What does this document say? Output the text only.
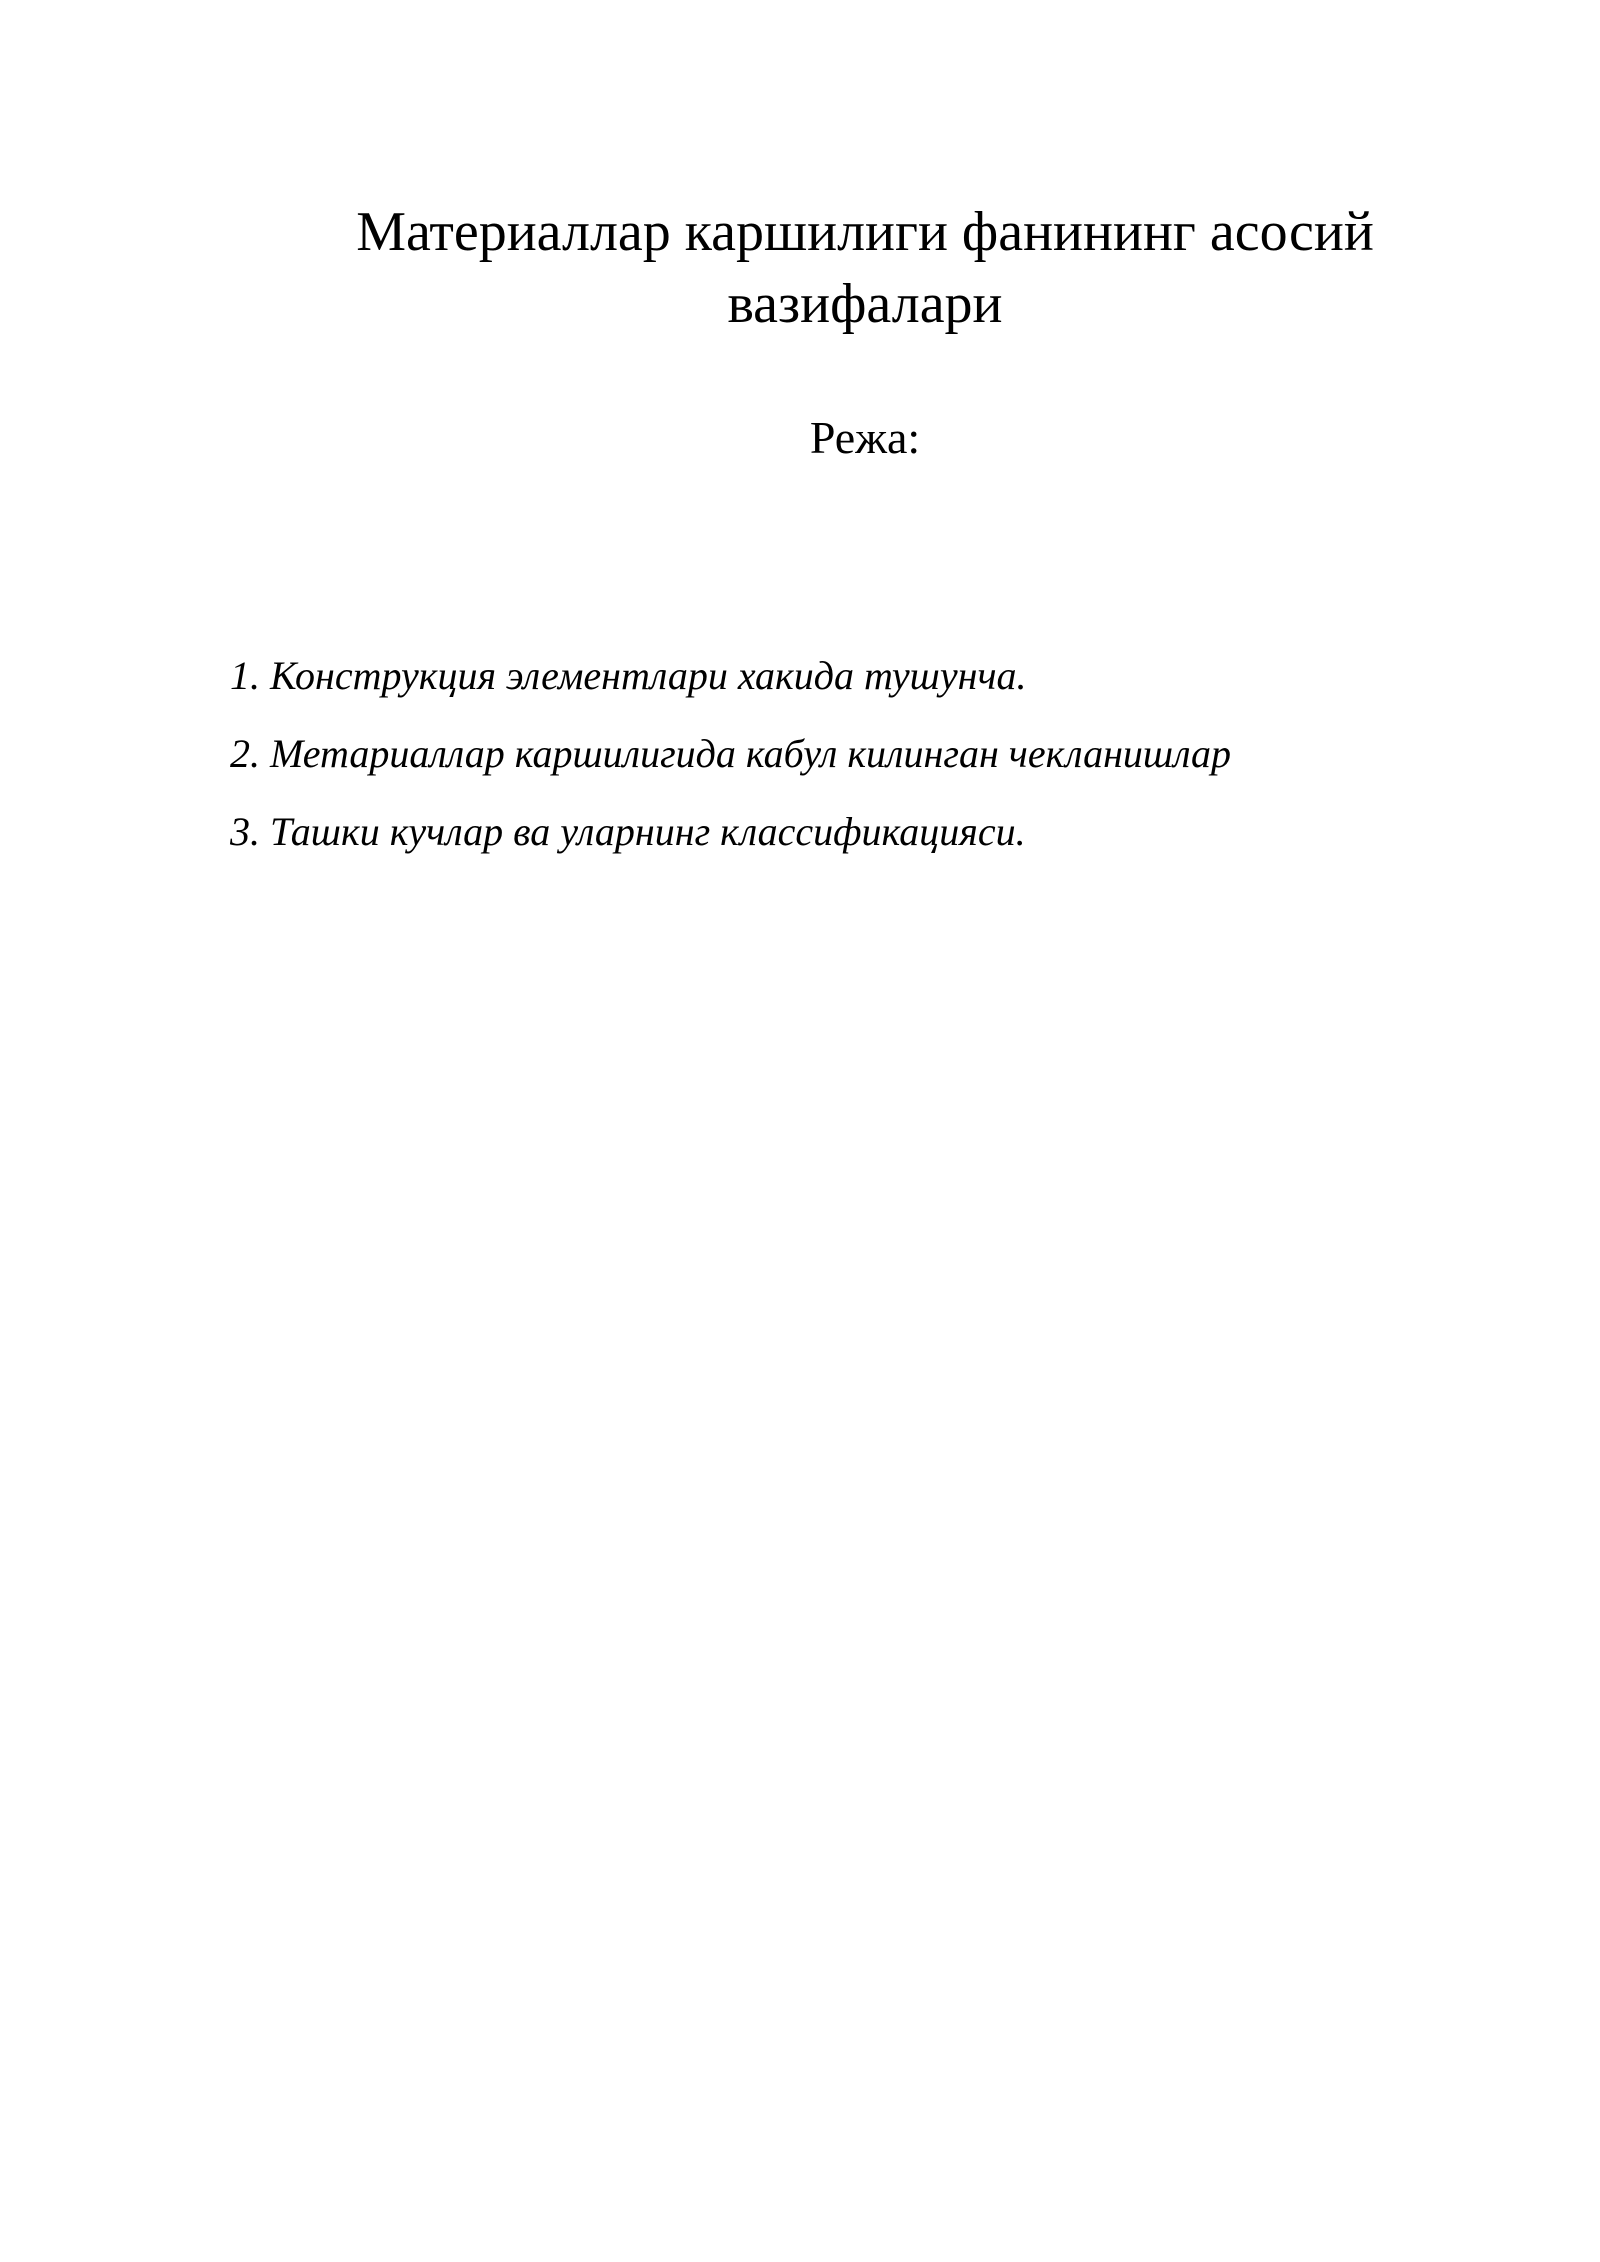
Материаллар каршилиги фанининг асосий вазифалари

Режа:

1. Конструкция элементлари хакида тушунча.
2. Метариаллар каршилигида кабул килинган чекланишлар
3. Ташки кучлар ва уларнинг классификацияси.
